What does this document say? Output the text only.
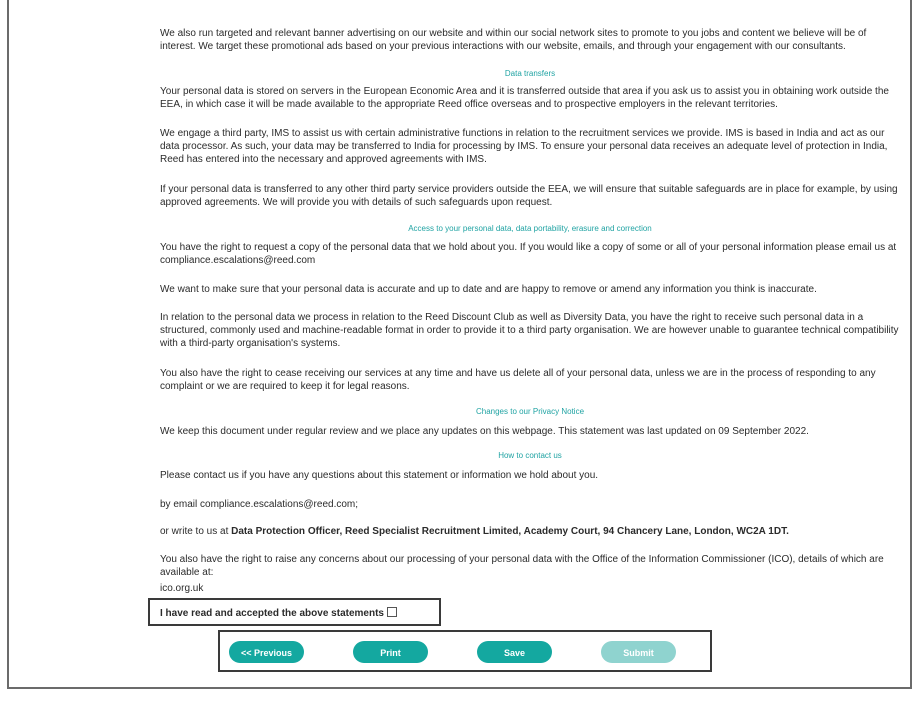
We also run targeted and relevant banner advertising on our website and within our social network sites to promote to you jobs and content we believe will be of interest. We target these promotional ads based on your previous interactions with our website, emails, and through your engagement with our consultants.

Data transfers

Your personal data is stored on servers in the European Economic Area and it is transferred outside that area if you ask us to assist you in obtaining work outside the EEA, in which case it will be made available to the appropriate Reed office overseas and to prospective employers in the relevant territories.

We engage a third party, IMS to assist us with certain administrative functions in relation to the recruitment services we provide. IMS is based in India and act as our data processor. As such, your data may be transferred to India for processing by IMS. To ensure your personal data receives an adequate level of protection in India, Reed has entered into the necessary and approved agreements with IMS.

If your personal data is transferred to any other third party service providers outside the EEA, we will ensure that suitable safeguards are in place for example, by using approved agreements. We will provide you with details of such safeguards upon request.

Access to your personal data, data portability, erasure and correction

You have the right to request a copy of the personal data that we hold about you. If you would like a copy of some or all of your personal information please email us at compliance.escalations@reed.com

We want to make sure that your personal data is accurate and up to date and are happy to remove or amend any information you think is inaccurate.

In relation to the personal data we process in relation to the Reed Discount Club as well as Diversity Data, you have the right to receive such personal data in a structured, commonly used and machine-readable format in order to provide it to a third party organisation. We are however unable to guarantee technical compatibility with a third-party organisation's systems.

You also have the right to cease receiving our services at any time and have us delete all of your personal data, unless we are in the process of responding to any complaint or we are required to keep it for legal reasons.

Changes to our Privacy Notice

We keep this document under regular review and we place any updates on this webpage. This statement was last updated on 09 September 2022.

How to contact us

Please contact us if you have any questions about this statement or information we hold about you.

by email compliance.escalations@reed.com;

or write to us at Data Protection Officer, Reed Specialist Recruitment Limited, Academy Court, 94 Chancery Lane, London, WC2A 1DT.

You also have the right to raise any concerns about our processing of your personal data with the Office of the Information Commissioner (ICO), details of which are available at:

ico.org.uk

I have read and accepted the above statements
<< Previous	Print	Save	Submit
